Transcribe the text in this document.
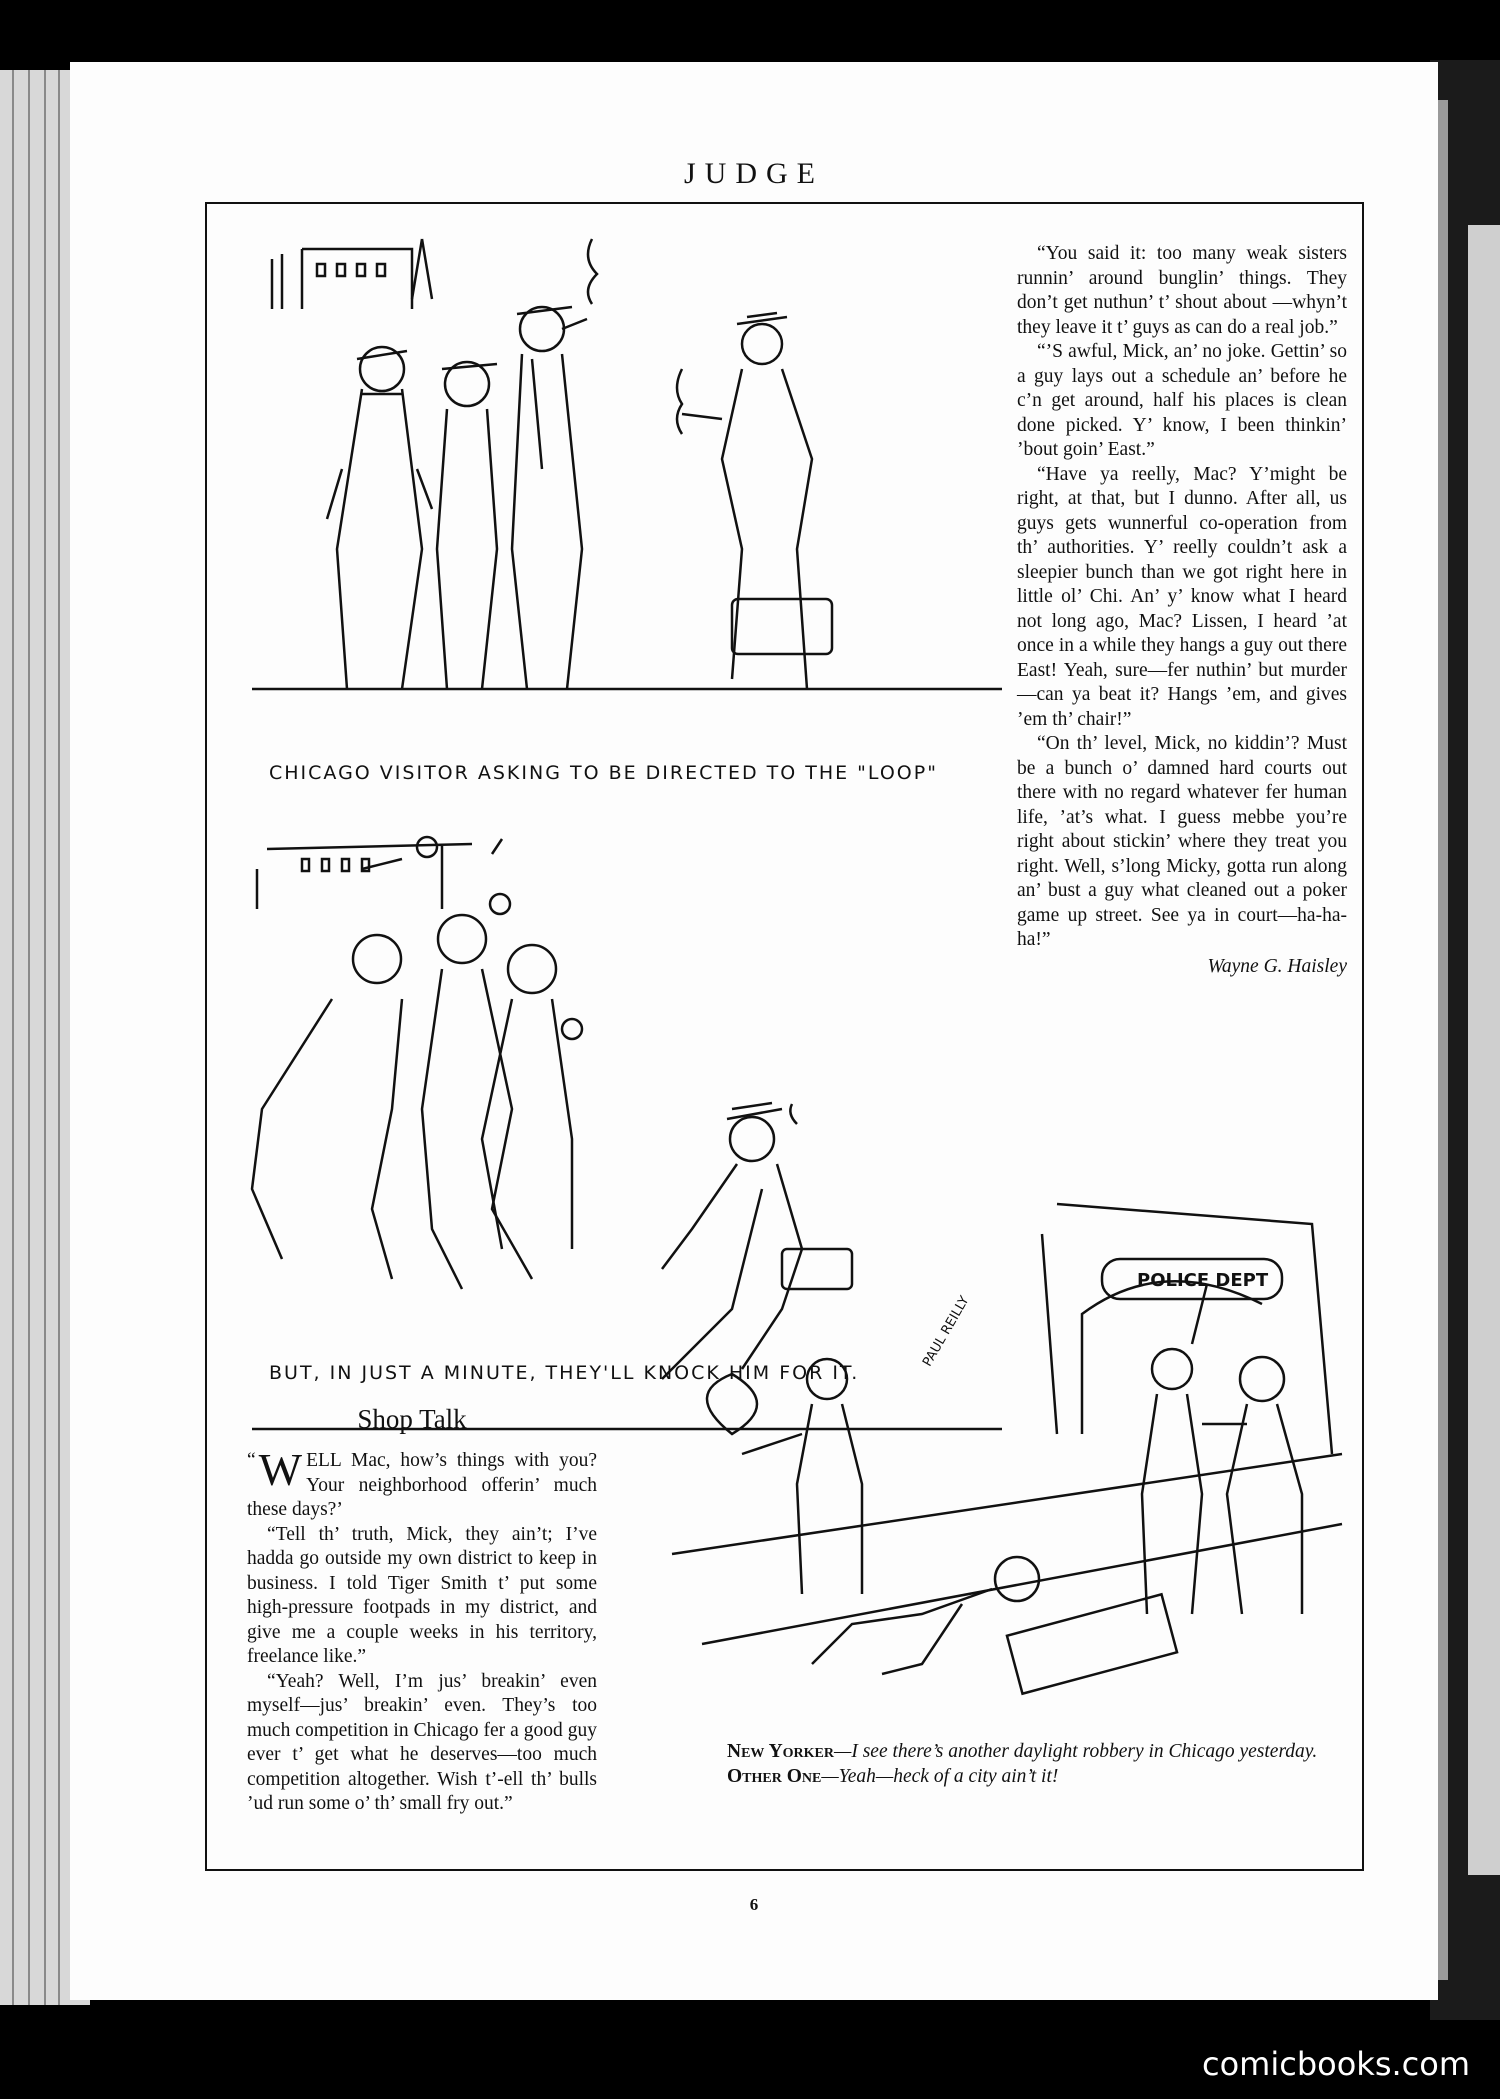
JUDGE
CHICAGO VISITOR ASKING TO BE DIRECTED TO THE "LOOP"
BUT, IN JUST A MINUTE, THEY'LL KNOCK HIM FOR IT.
PAUL REILLY
POLICE DEPT

“You said it: too many weak sisters runnin’ around bunglin’ things. They don’t get nuthun’ t’ shout about —whyn’t they leave it t’ guys as can do a real job.”

“’S awful, Mick, an’ no joke. Gettin’ so a guy lays out a schedule an’ before he c’n get around, half his places is clean done picked. Y’ know, I been thinkin’ ’bout goin’ East.”

“Have ya reelly, Mac? Y’might be right, at that, but I dunno. After all, us guys gets wunnerful co-operation from th’ authorities. Y’ reelly couldn’t ask a sleepier bunch than we got right here in little ol’ Chi. An’ y’ know what I heard not long ago, Mac? Lissen, I heard ’at once in a while they hangs a guy out there East! Yeah, sure—fer nuthin’ but murder—can ya beat it? Hangs ’em, and gives ’em th’ chair!”

“On th’ level, Mick, no kiddin’? Must be a bunch o’ damned hard courts out there with no regard whatever fer human life, ’at’s what. I guess mebbe you’re right about stickin’ where they treat you right. Well, s’long Micky, gotta run along an’ bust a guy what cleaned out a poker game up street. See ya in court—ha-ha-ha!”

Wayne G. Haisley
Shop Talk
“ W ELL Mac, how’s things with you? Your neighborhood offerin’ much these days?’

“Tell th’ truth, Mick, they ain’t; I’ve hadda go outside my own district to keep in business. I told Tiger Smith t’ put some high-pressure footpads in my district, and give me a couple weeks in his territory, freelance like.”

“Yeah? Well, I’m jus’ breakin’ even myself—jus’ breakin’ even. They’s too much competition in Chicago fer a good guy ever t’ get what he deserves—too much competition altogether. Wish t’-ell th’ bulls ’ud run some o’ th’ small fry out.”

New Yorker—I see there’s another daylight robbery in Chicago yesterday.
Other One—Yeah—heck of a city ain’t it!
6
comicbooks.com
